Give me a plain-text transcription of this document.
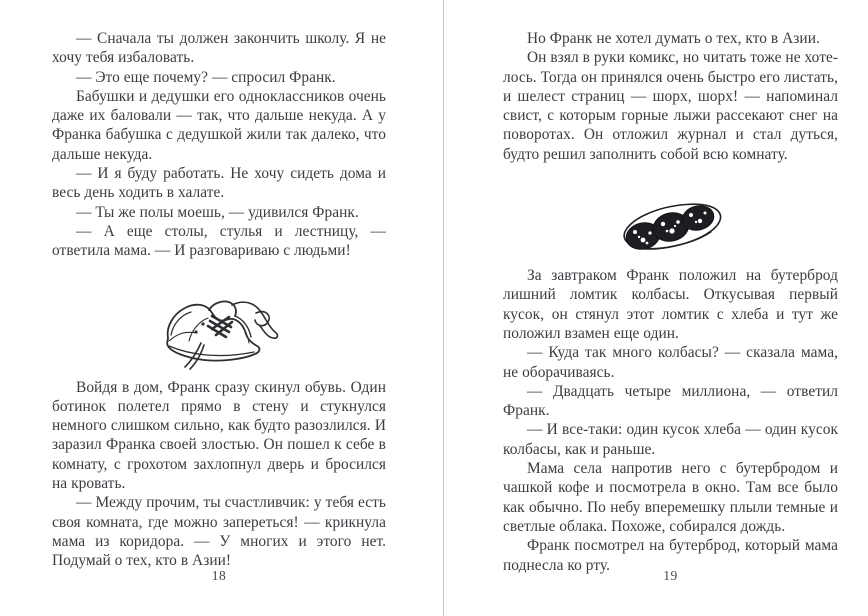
— Сначала ты должен закончить школу. Я не хочу тебя избаловать.

— Это еще почему? — спросил Франк.

Бабушки и дедушки его одноклассников очень даже их баловали — так, что дальше некуда. А у Франка бабушка с дедушкой жили так далеко, что дальше некуда.

— И я буду работать. Не хочу сидеть дома и весь день ходить в халате.

— Ты же полы моешь, — удивился Франк.

— А еще столы, стулья и лестницу, — ответила мама. — И разговариваю с людьми!

Войдя в дом, Франк сразу скинул обувь. Один ботинок полетел прямо в стену и стукнулся немного слишком сильно, как будто разозлился. И заразил Франка своей злостью. Он пошел к себе в комнату, с грохотом захлопнул дверь и бросился на кровать.

— Между прочим, ты счастливчик: у тебя есть своя комната, где можно запереться! — крикнула мама из коридора. — У многих и этого нет. Подумай о тех, кто в Азии!

18

Но Франк не хотел думать о тех, кто в Азии.

Он взял в руки комикс, но читать тоже не хотелось. Тогда он принялся очень быстро его листать, и шелест страниц — шорх, шорх! — напоминал свист, с которым горные лыжи рассекают снег на поворотах. Он отложил журнал и стал дуться, будто решил заполнить собой всю комнату.

За завтраком Франк положил на бутерброд лишний ломтик колбасы. Откусывая первый кусок, он стянул этот ломтик с хлеба и тут же положил взамен еще один.

— Куда так много колбасы? — сказала мама, не оборачиваясь.

— Двадцать четыре миллиона, — ответил Франк.

— И все-таки: один кусок хлеба — один кусок колбасы, как и раньше.

Мама села напротив него с бутербродом и чашкой кофе и посмотрела в окно. Там все было как обычно. По небу вперемешку плыли темные и светлые облака. Похоже, собирался дождь.

Франк посмотрел на бутерброд, который мама поднесла ко рту.

19
